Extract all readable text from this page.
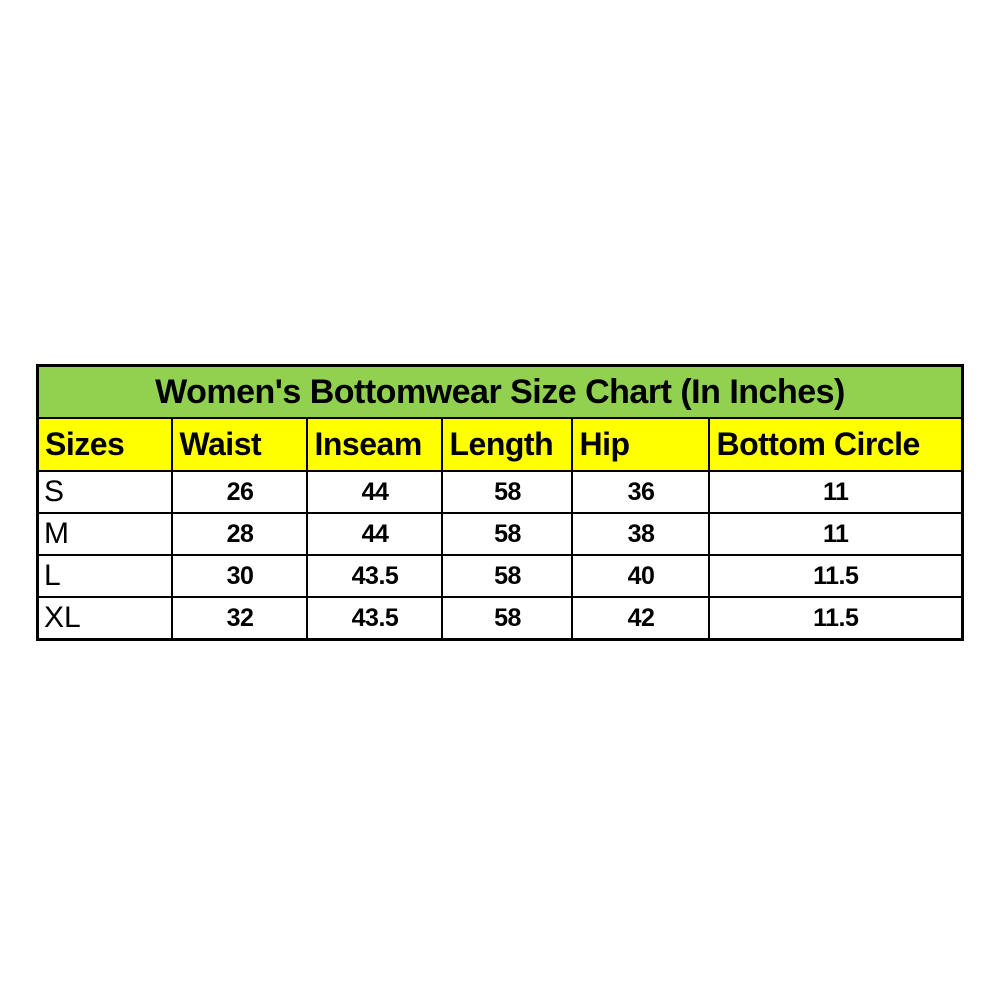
Women's Bottomwear Size Chart (In Inches)					
Sizes	Waist	Inseam	Length	Hip	Bottom Circle
S	26	44	58	36	11
M	28	44	58	38	11
L	30	43.5	58	40	11.5
XL	32	43.5	58	42	11.5
